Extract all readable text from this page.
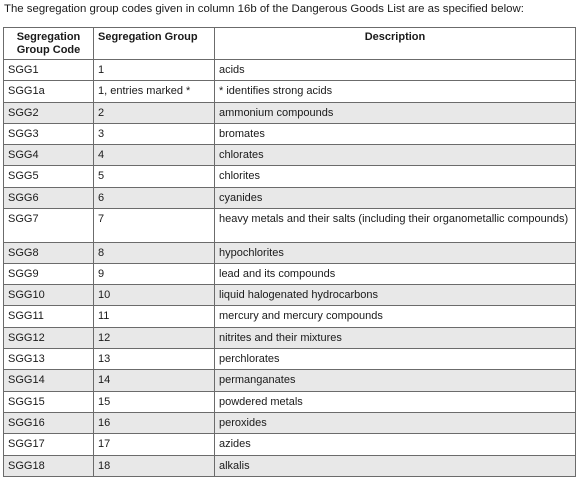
The segregation group codes given in column 16b of the Dangerous Goods List are as specified below:
Segregation
Group Code	Segregation Group	Description
SGG1	1	acids
SGG1a	1, entries marked *	* identifies strong acids
SGG2	2	ammonium compounds
SGG3	3	bromates
SGG4	4	chlorates
SGG5	5	chlorites
SGG6	6	cyanides
SGG7	7	heavy metals and their salts (including their organometallic compounds)
SGG8	8	hypochlorites
SGG9	9	lead and its compounds
SGG10	10	liquid halogenated hydrocarbons
SGG11	11	mercury and mercury compounds
SGG12	12	nitrites and their mixtures
SGG13	13	perchlorates
SGG14	14	permanganates
SGG15	15	powdered metals
SGG16	16	peroxides
SGG17	17	azides
SGG18	18	alkalis
